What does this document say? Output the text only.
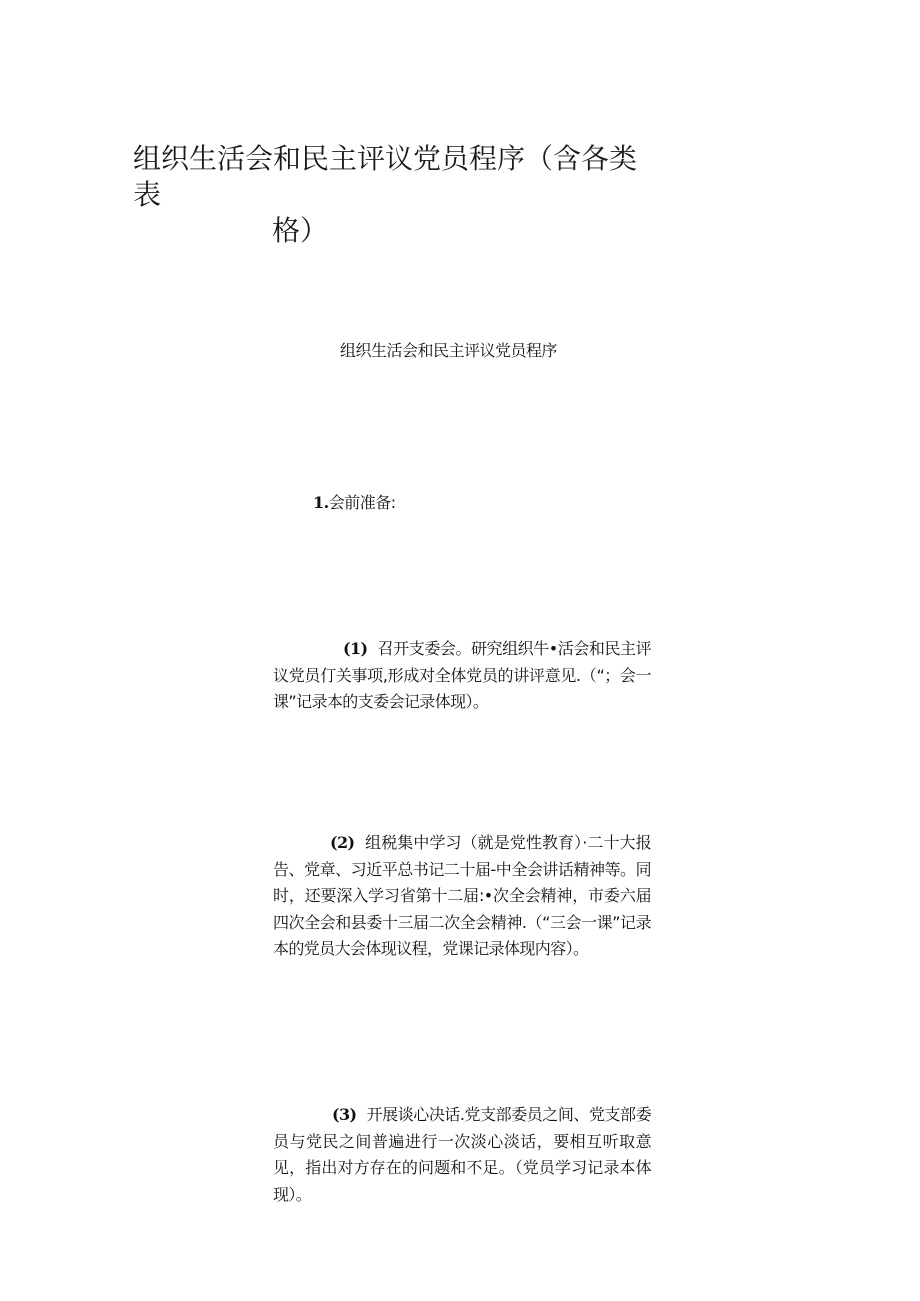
组织生活会和民主评议党员程序（含各类表
格）
组织生活会和民主评议党员程序

1.会前准备:

(1) 召开支委会。研究组织牛•活会和民主评议党员仃关事项,形成对全体党员的讲评意见.（“；会一课”记录本的支委会记录体现）。

(2) 组税集中学习（就是党性教育）·二十大报告、党章、习近平总书记二十届-中全会讲话精神等。同时，还要深入学习省第十二届:•次全会精神，市委六届四次全会和县委十三届二次全会精神.（“三会一课”记录本的党员大会体现议程，党课记录体现内容）。

(3) 开展谈心决话.党支部委员之间、党支部委员与党民之间普遍进行一次淡心淡话，要相互听取意见，指出对方存在的问题和不足。（党员学习记录本体现）。
